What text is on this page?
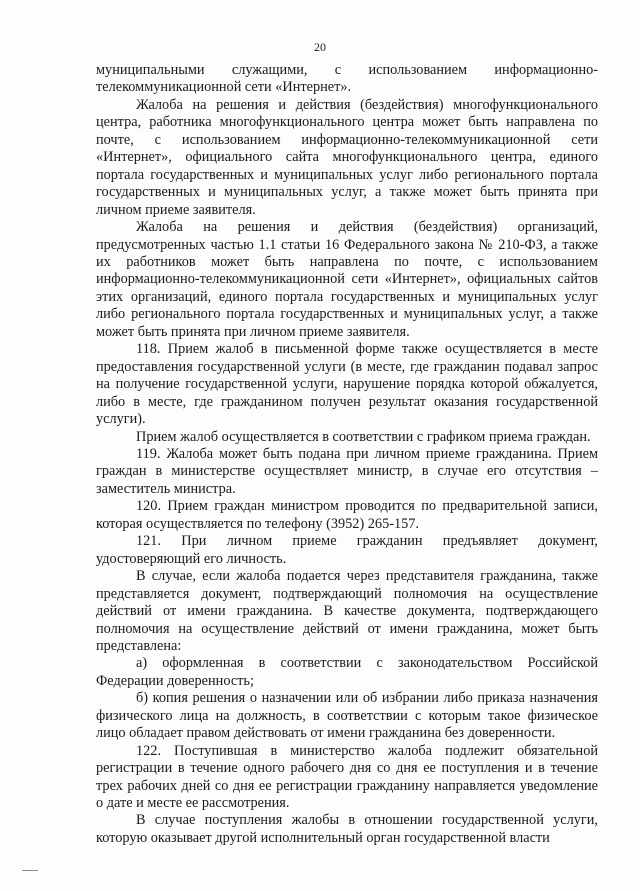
20

муниципальными служащими, с использованием информационно-телекоммуникационной сети «Интернет».

Жалоба на решения и действия (бездействия) многофункционального центра, работника многофункционального центра может быть направлена по почте, с использованием информационно-телекоммуникационной сети «Интернет», официального сайта многофункционального центра, единого портала государственных и муниципальных услуг либо регионального портала государственных и муниципальных услуг, а также может быть принята при личном приеме заявителя.

Жалоба на решения и действия (бездействия) организаций, предусмотренных частью 1.1 статьи 16 Федерального закона № 210-ФЗ, а также их работников может быть направлена по почте, с использованием информационно-телекоммуникационной сети «Интернет», официальных сайтов этих организаций, единого портала государственных и муниципальных услуг либо регионального портала государственных и муниципальных услуг, а также может быть принята при личном приеме заявителя.

118. Прием жалоб в письменной форме также осуществляется в месте предоставления государственной услуги (в месте, где гражданин подавал запрос на получение государственной услуги, нарушение порядка которой обжалуется, либо в месте, где гражданином получен результат оказания государственной услуги).

Прием жалоб осуществляется в соответствии с графиком приема граждан.

119. Жалоба может быть подана при личном приеме гражданина. Прием граждан в министерстве осуществляет министр, в случае его отсутствия – заместитель министра.

120. Прием граждан министром проводится по предварительной записи, которая осуществляется по телефону (3952) 265-157.

121. При личном приеме гражданин предъявляет документ, удостоверяющий его личность.

В случае, если жалоба подается через представителя гражданина, также представляется документ, подтверждающий полномочия на осуществление действий от имени гражданина. В качестве документа, подтверждающего полномочия на осуществление действий от имени гражданина, может быть представлена:

а) оформленная в соответствии с законодательством Российской Федерации доверенность;

б) копия решения о назначении или об избрании либо приказа назначения физического лица на должность, в соответствии с которым такое физическое лицо обладает правом действовать от имени гражданина без доверенности.

122. Поступившая в министерство жалоба подлежит обязательной регистрации в течение одного рабочего дня со дня ее поступления и в течение трех рабочих дней со дня ее регистрации гражданину направляется уведомление о дате и месте ее рассмотрения.

В случае поступления жалобы в отношении государственной услуги, которую оказывает другой исполнительный орган государственной власти
